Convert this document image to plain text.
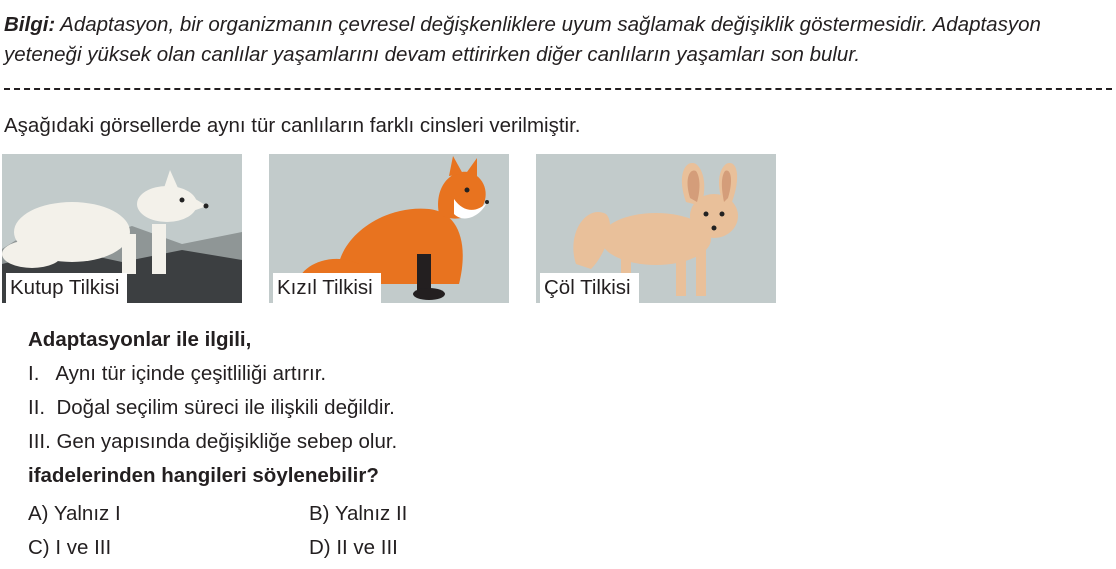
Bilgi: Adaptasyon, bir organizmanın çevresel değişkenliklere uyum sağlamak değişiklik göstermesidir. Adaptasyon yeteneği yüksek olan canlılar yaşamlarını devam ettirirken diğer canlıların yaşamları son bulur.
Aşağıdaki görsellerde aynı tür canlıların farklı cinsleri verilmiştir.
Kutup Tilkisi	Kızıl Tilkisi	Çöl Tilkisi
Adaptasyonlar ile ilgili,
I.   Aynı tür içinde çeşitliliği artırır.
II.  Doğal seçilim süreci ile ilişkili değildir.
III. Gen yapısında değişikliğe sebep olur.
ifadelerinden hangileri söylenebilir?
A) Yalnız I	B) Yalnız II
C) I ve III	D) II ve III
